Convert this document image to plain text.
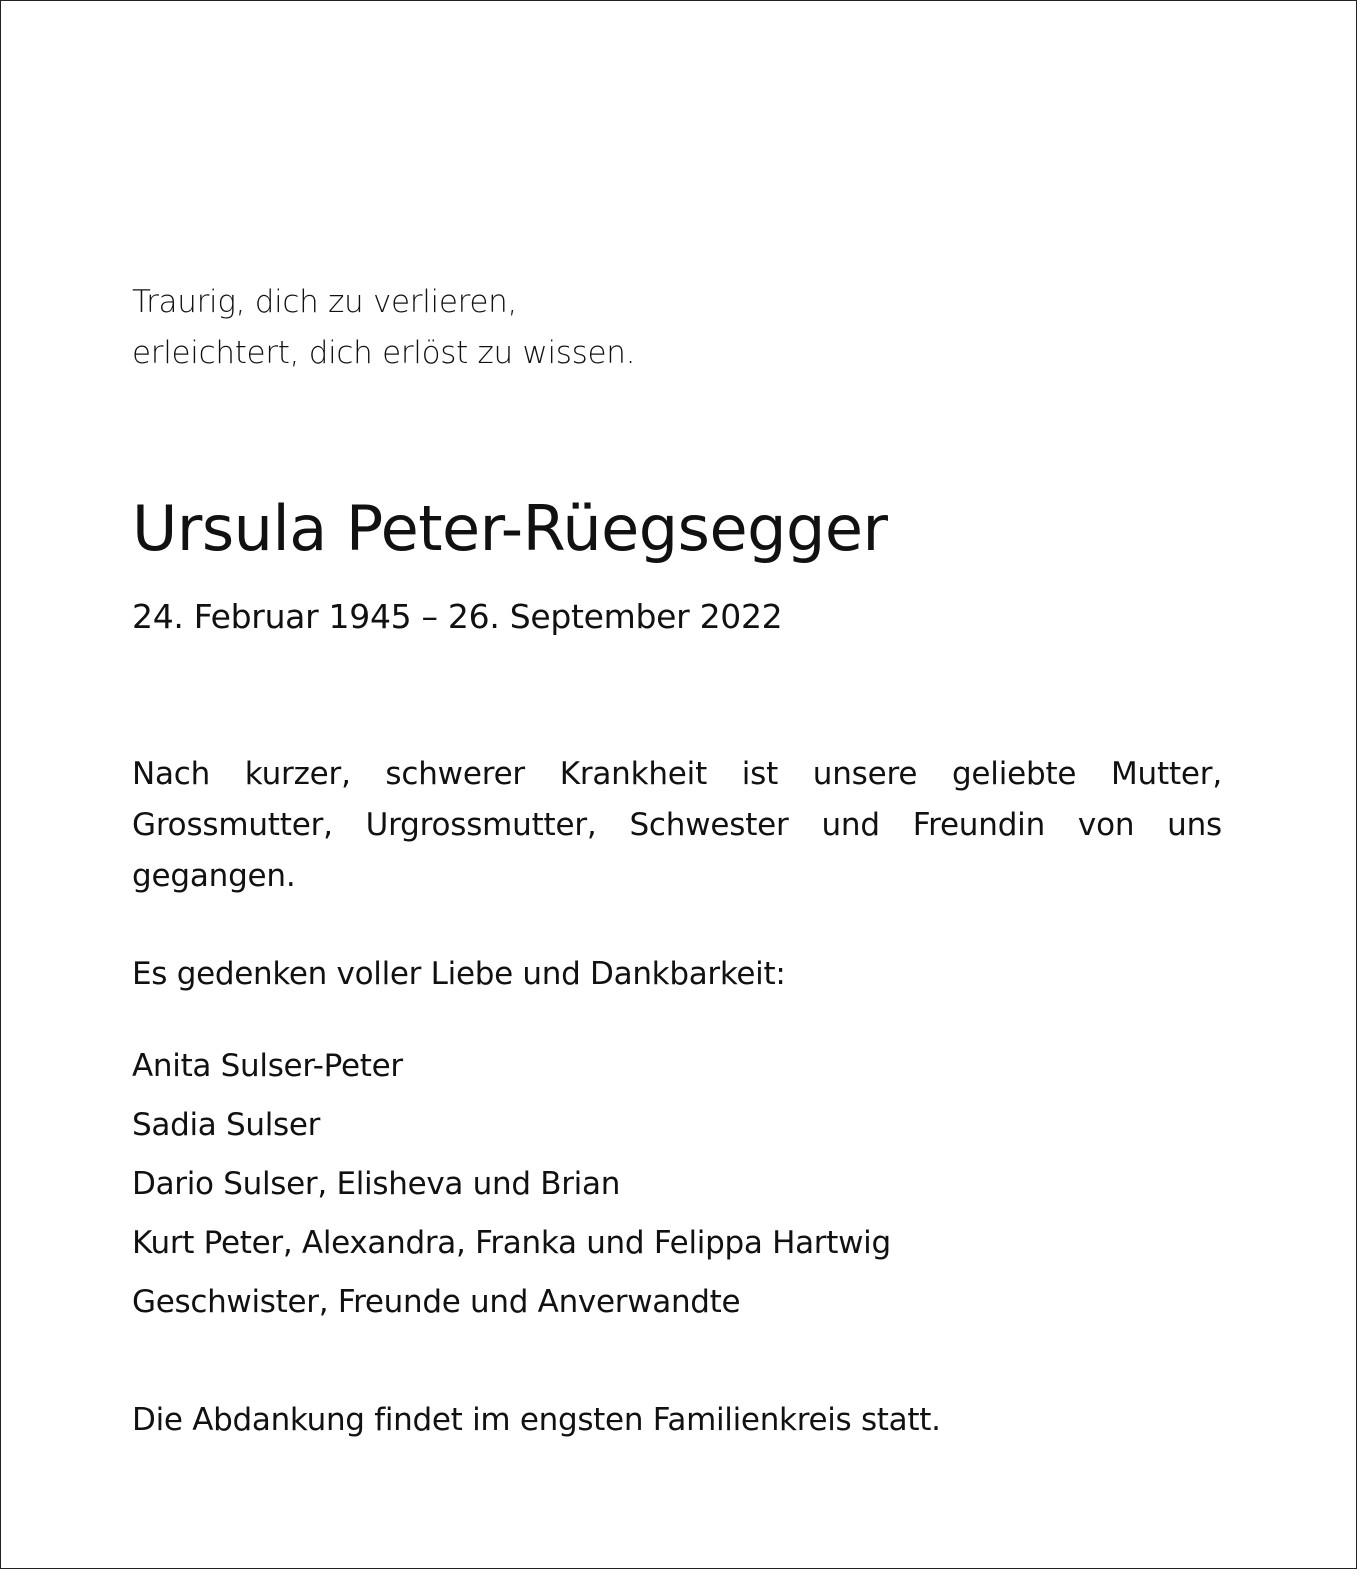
Traurig, dich zu verlieren,
erleichtert, dich erlöst zu wissen.
Ursula Peter-Rüegsegger
24. Februar 1945 – 26. September 2022
Nach kurzer, schwerer Krankheit ist unsere geliebte Mutter, Grossmutter, Urgrossmutter, Schwester und Freundin von uns gegangen.
Es gedenken voller Liebe und Dankbarkeit:
Anita Sulser-Peter
Sadia Sulser
Dario Sulser, Elisheva und Brian
Kurt Peter, Alexandra, Franka und Felippa Hartwig
Geschwister, Freunde und Anverwandte
Die Abdankung findet im engsten Familienkreis statt.
